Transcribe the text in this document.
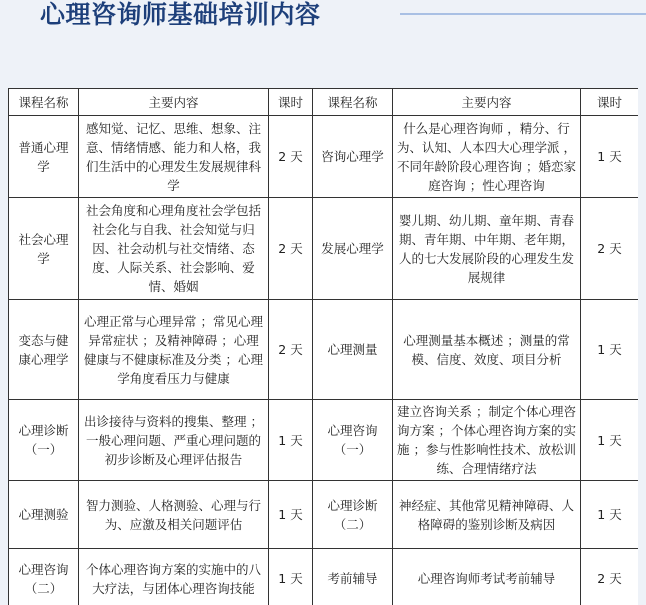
心理咨询师基础培训内容
课程名称	主要内容	课时	课程名称	主要内容	课时
普通心理学	感知觉、记忆、思维、想象、注意、情绪情感、能力和人格，我们生活中的心理发生发展规律科学	2 天	咨询心理学	什么是心理咨询师 ，精分、行为、认知、人本四大心理学派 ，不同年龄阶段心理咨询 ；婚恋家庭咨询 ；性心理咨询	1 天
社会心理学	社会角度和心理角度社会学包括社会化与自我、社会知觉与归因、社会动机与社交情绪、态度、人际关系、社会影响、爱情、婚姻	2 天	发展心理学	婴儿期、幼儿期、童年期、青春期、青年期、中年期、老年期，人的七大发展阶段的心理发生发展规律	2 天
变态与健康心理学	心理正常与心理异常 ；常见心理异常症状 ；及精神障碍 ；心理健康与不健康标准及分类 ；心理学角度看压力与健康	2 天	心理测量	心理测量基本概述 ；测量的常模、信度、效度、项目分析	1 天
心理诊断（一）	出诊接待与资料的搜集、整理 ；一般心理问题、严重心理问题的初步诊断及心理评估报告	1 天	心理咨询（一）	建立咨询关系 ；制定个体心理咨询方案 ；个体心理咨询方案的实施 ；参与性影响性技术、放松训练、合理情绪疗法	1 天
心理测验	智力测验、人格测验、心理与行为、应激及相关问题评估	1 天	心理诊断（二）	神经症、其他常见精神障碍、人格障碍的鉴别诊断及病因	1 天
心理咨询（二）	个体心理咨询方案的实施中的八大疗法，与团体心理咨询技能	1 天	考前辅导	心理咨询师考试考前辅导	2 天
